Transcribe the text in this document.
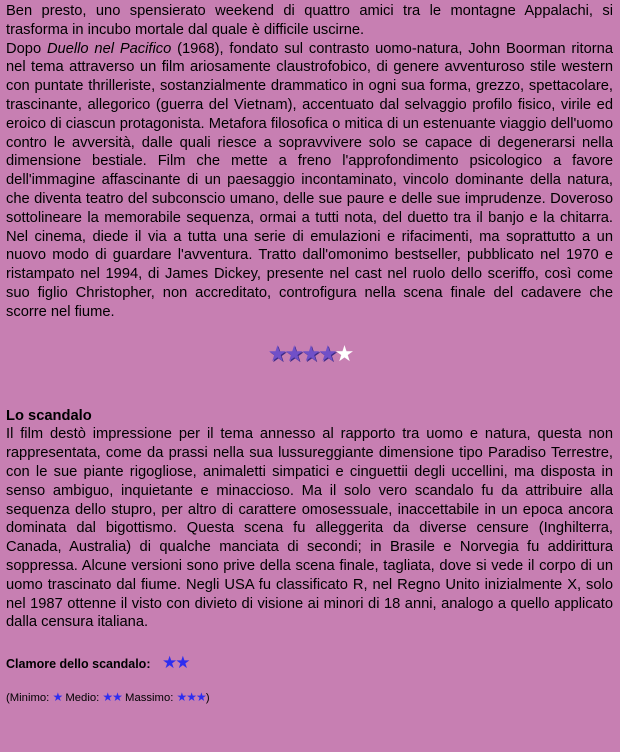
Ben presto, uno spensierato weekend di quattro amici tra le montagne Appalachi, si trasforma in incubo mortale dal quale è difficile uscirne.

Dopo Duello nel Pacifico (1968), fondato sul contrasto uomo-natura, John Boorman ritorna nel tema attraverso un film ariosamente claustrofobico, di genere avventuroso stile western con puntate thrilleriste, sostanzialmente drammatico in ogni sua forma, grezzo, spettacolare, trascinante, allegorico (guerra del Vietnam), accentuato dal selvaggio profilo fisico, virile ed eroico di ciascun protagonista. Metafora filosofica o mitica di un estenuante viaggio dell'uomo contro le avversità, dalle quali riesce a sopravvivere solo se capace di degenerarsi nella dimensione bestiale. Film che mette a freno l'approfondimento psicologico a favore dell'immagine affascinante di un paesaggio incontaminato, vincolo dominante della natura, che diventa teatro del subconscio umano, delle sue paure e delle sue imprudenze. Doveroso sottolineare la memorabile sequenza, ormai a tutti nota, del duetto tra il banjo e la chitarra. Nel cinema, diede il via a tutta una serie di emulazioni e rifacimenti, ma soprattutto a un nuovo modo di guardare l'avventura. Tratto dall'omonimo bestseller, pubblicato nel 1970 e ristampato nel 1994, di James Dickey, presente nel cast nel ruolo dello sceriffo, così come suo figlio Christopher, non accreditato, controfigura nella scena finale del cadavere che scorre nel fiume.

★★★★★
Lo scandalo

Il film destò impressione per il tema annesso al rapporto tra uomo e natura, questa non rappresentata, come da prassi nella sua lussureggiante dimensione tipo Paradiso Terrestre, con le sue piante rigogliose, animaletti simpatici e cinguettii degli uccellini, ma disposta in senso ambiguo, inquietante e minaccioso. Ma il solo vero scandalo fu da attribuire alla sequenza dello stupro, per altro di carattere omosessuale, inaccettabile in un epoca ancora dominata dal bigottismo. Questa scena fu alleggerita da diverse censure (Inghilterra, Canada, Australia) di qualche manciata di secondi; in Brasile e Norvegia fu addirittura soppressa. Alcune versioni sono prive della scena finale, tagliata, dove si vede il corpo di un uomo trascinato dal fiume. Negli USA fu classificato R, nel Regno Unito inizialmente X, solo nel 1987 ottenne il visto con divieto di visione ai minori di 18 anni, analogo a quello applicato dalla censura italiana.

Clamore dello scandalo: ★★
(Minimo: ★ Medio: ★★ Massimo: ★★★)
